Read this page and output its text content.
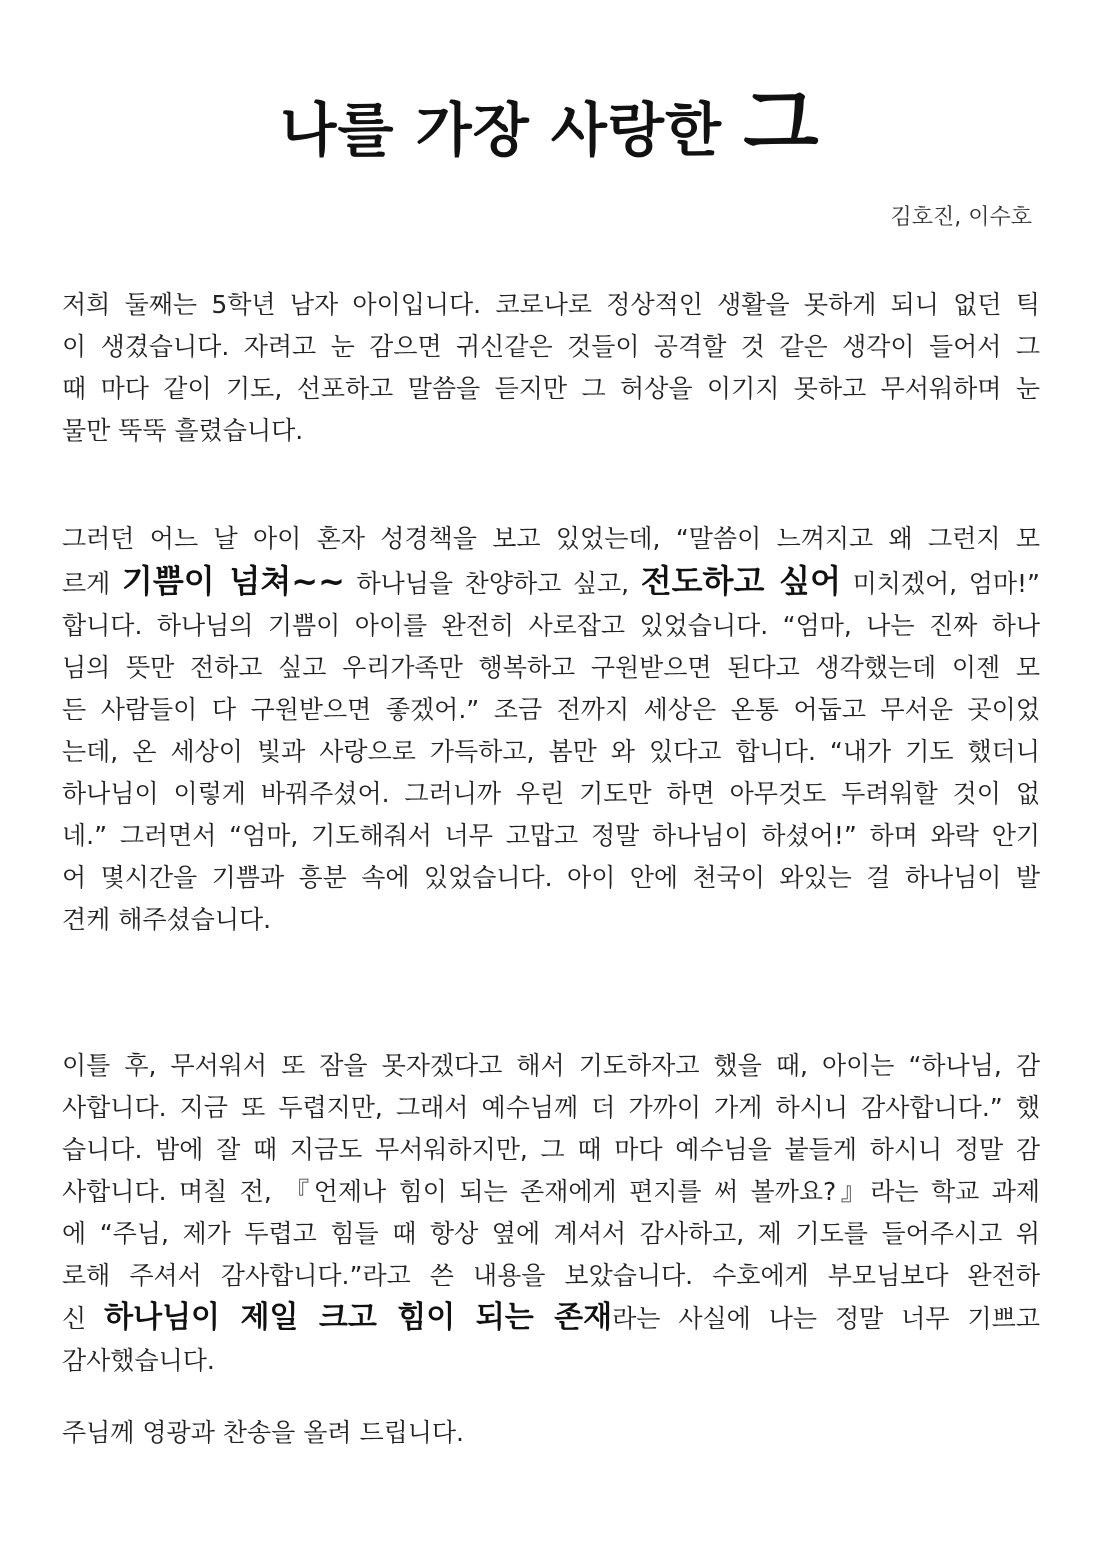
나를 가장 사랑한 그
김호진, 이수호
저희 둘째는 5학년 남자 아이입니다. 코로나로 정상적인 생활을 못하게 되니 없던 틱
이 생겼습니다. 자려고 눈 감으면 귀신같은 것들이 공격할 것 같은 생각이 들어서 그
때 마다 같이 기도, 선포하고 말씀을 듣지만 그 허상을 이기지 못하고 무서워하며 눈
물만 뚝뚝 흘렸습니다.
그러던 어느 날 아이 혼자 성경책을 보고 있었는데, “말씀이 느껴지고 왜 그런지 모
르게 기쁨이 넘쳐~~ 하나님을 찬양하고 싶고, 전도하고 싶어 미치겠어, 엄마!”
합니다. 하나님의 기쁨이 아이를 완전히 사로잡고 있었습니다. “엄마, 나는 진짜 하나
님의 뜻만 전하고 싶고 우리가족만 행복하고 구원받으면 된다고 생각했는데 이젠 모
든 사람들이 다 구원받으면 좋겠어.” 조금 전까지 세상은 온통 어둡고 무서운 곳이었
는데, 온 세상이 빛과 사랑으로 가득하고, 봄만 와 있다고 합니다. “내가 기도 했더니
하나님이 이렇게 바꿔주셨어. 그러니까 우린 기도만 하면 아무것도 두려워할 것이 없
네.” 그러면서 “엄마, 기도해줘서 너무 고맙고 정말 하나님이 하셨어!” 하며 와락 안기
어 몇시간을 기쁨과 흥분 속에 있었습니다. 아이 안에 천국이 와있는 걸 하나님이 발
견케 해주셨습니다.
이틀 후, 무서워서 또 잠을 못자겠다고 해서 기도하자고 했을 때, 아이는 “하나님, 감
사합니다. 지금 또 두렵지만, 그래서 예수님께 더 가까이 가게 하시니 감사합니다.” 했
습니다. 밤에 잘 때 지금도 무서워하지만, 그 때 마다 예수님을 붙들게 하시니 정말 감
사합니다. 며칠 전, 『언제나 힘이 되는 존재에게 편지를 써 볼까요?』라는 학교 과제
에 “주님, 제가 두렵고 힘들 때 항상 옆에 계셔서 감사하고, 제 기도를 들어주시고 위
로해 주셔서 감사합니다.”라고 쓴 내용을 보았습니다. 수호에게 부모님보다 완전하
신 하나님이 제일 크고 힘이 되는 존재라는 사실에 나는 정말 너무 기쁘고
감사했습니다.
주님께 영광과 찬송을 올려 드립니다.
